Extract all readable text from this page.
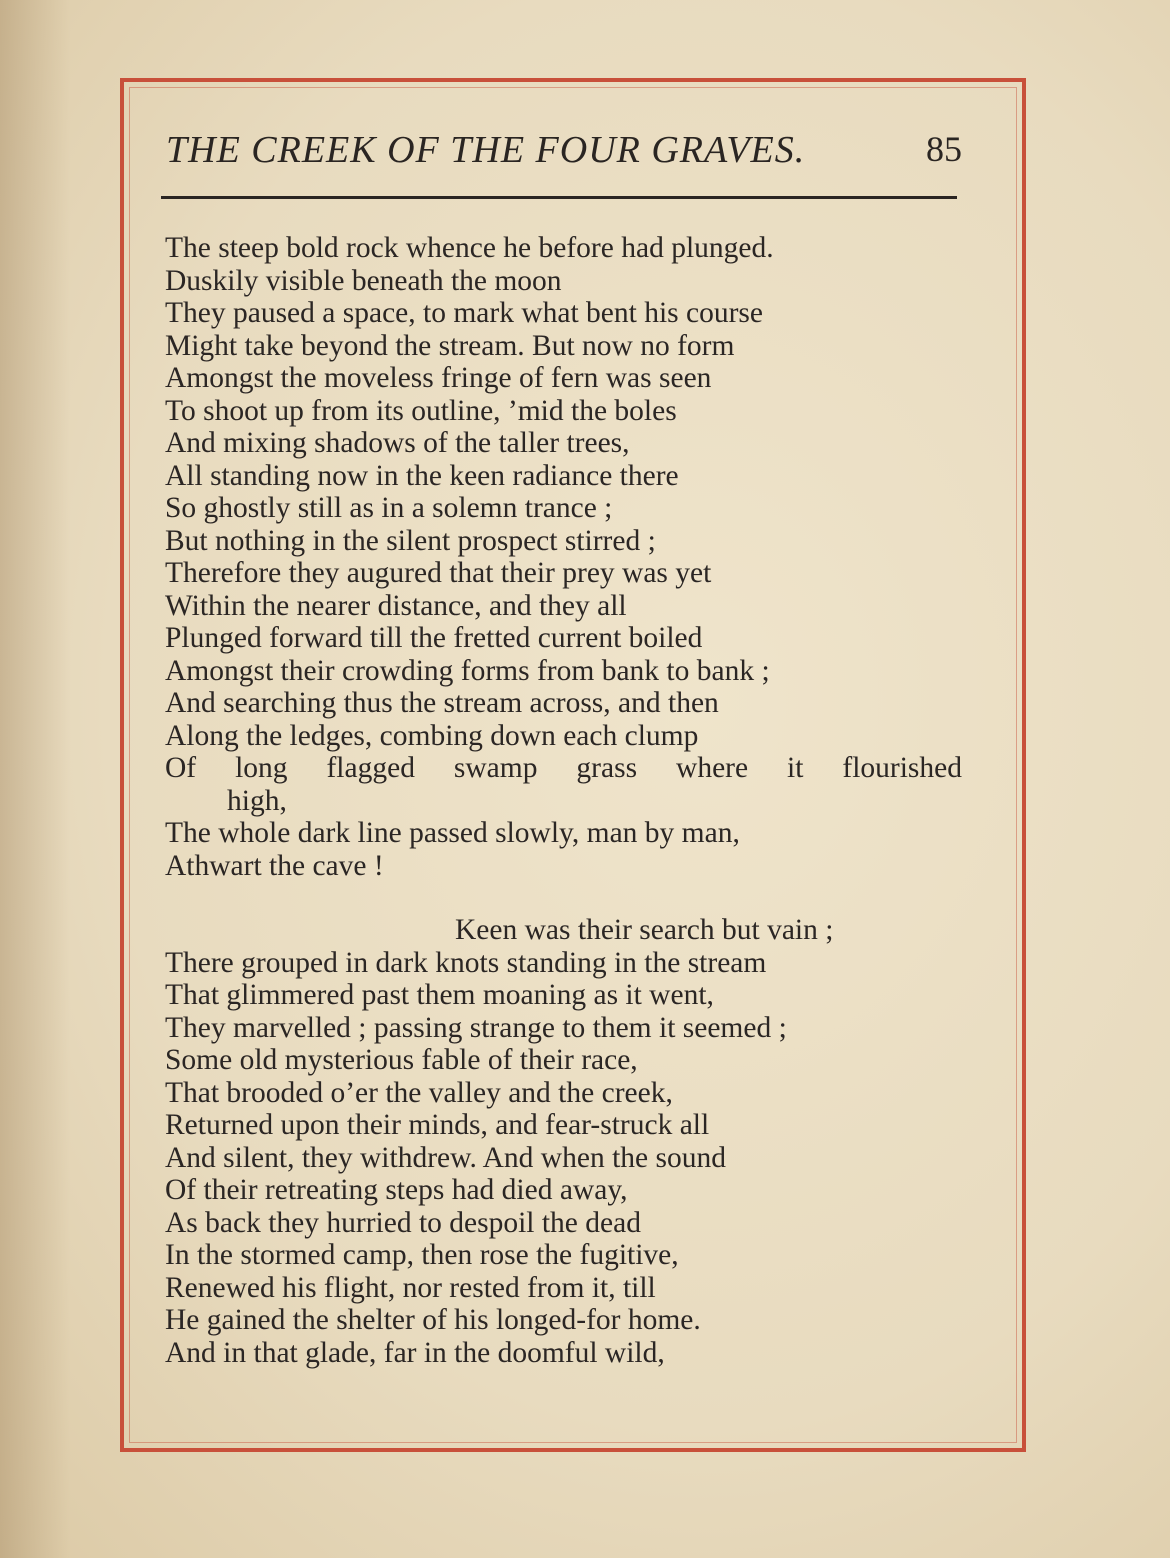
THE CREEK OF THE FOUR GRAVES.	85
The steep bold rock whence he before had plunged.
Duskily visible beneath the moon
They paused a space, to mark what bent his course
Might take beyond the stream. But now no form
Amongst the moveless fringe of fern was seen
To shoot up from its outline, ’mid the boles
And mixing shadows of the taller trees,
All standing now in the keen radiance there
So ghostly still as in a solemn trance ;
But nothing in the silent prospect stirred ;
Therefore they augured that their prey was yet
Within the nearer distance, and they all
Plunged forward till the fretted current boiled
Amongst their crowding forms from bank to bank ;
And searching thus the stream across, and then
Along the ledges, combing down each clump
Of long flagged swamp grass where it flourished
high,
The whole dark line passed slowly, man by man,
Athwart the cave !
Keen was their search but vain ;
There grouped in dark knots standing in the stream
That glimmered past them moaning as it went,
They marvelled ; passing strange to them it seemed ;
Some old mysterious fable of their race,
That brooded o’er the valley and the creek,
Returned upon their minds, and fear-struck all
And silent, they withdrew. And when the sound
Of their retreating steps had died away,
As back they hurried to despoil the dead
In the stormed camp, then rose the fugitive,
Renewed his flight, nor rested from it, till
He gained the shelter of his longed-for home.
And in that glade, far in the doomful wild,
